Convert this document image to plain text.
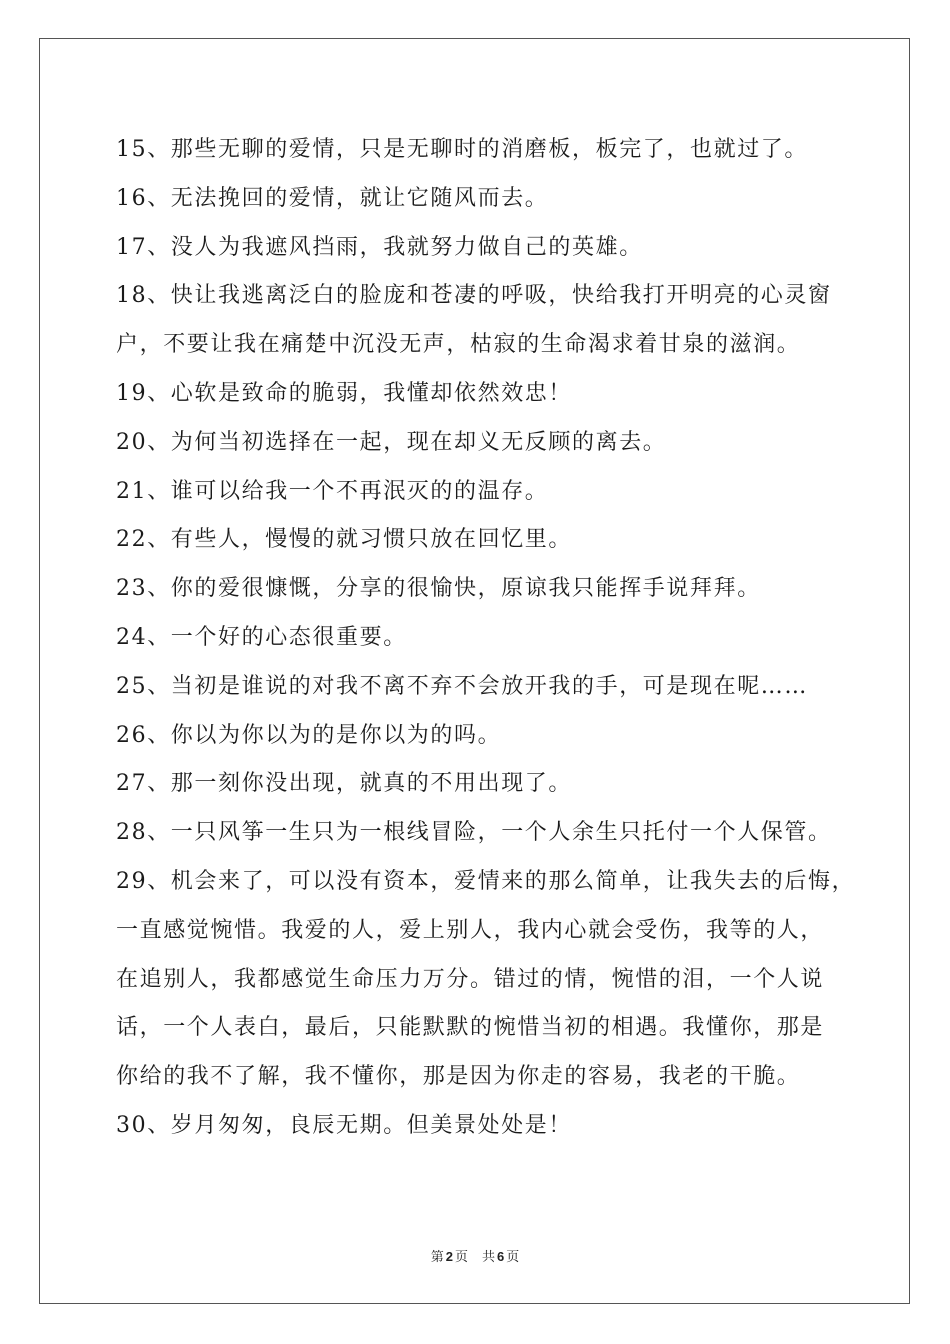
15、那些无聊的爱情，只是无聊时的消磨板，板完了，也就过了。
16、无法挽回的爱情，就让它随风而去。
17、没人为我遮风挡雨，我就努力做自己的英雄。
18、快让我逃离泛白的脸庞和苍凄的呼吸，快给我打开明亮的心灵窗
户，不要让我在痛楚中沉没无声，枯寂的生命渴求着甘泉的滋润。
19、心软是致命的脆弱，我懂却依然效忠！
20、为何当初选择在一起，现在却义无反顾的离去。
21、谁可以给我一个不再泯灭的的温存。
22、有些人，慢慢的就习惯只放在回忆里。
23、你的爱很慷慨，分享的很愉快，原谅我只能挥手说拜拜。
24、一个好的心态很重要。
25、当初是谁说的对我不离不弃不会放开我的手，可是现在呢……
26、你以为你以为的是你以为的吗。
27、那一刻你没出现，就真的不用出现了。
28、一只风筝一生只为一根线冒险，一个人余生只托付一个人保管。
29、机会来了，可以没有资本，爱情来的那么简单，让我失去的后悔，
一直感觉惋惜。我爱的人，爱上别人，我内心就会受伤，我等的人，
在追别人，我都感觉生命压力万分。错过的情，惋惜的泪，一个人说
话，一个人表白，最后，只能默默的惋惜当初的相遇。我懂你，那是
你给的我不了解，我不懂你，那是因为你走的容易，我老的干脆。
30、岁月匆匆，良辰无期。但美景处处是！
第 2 页 共 6 页
